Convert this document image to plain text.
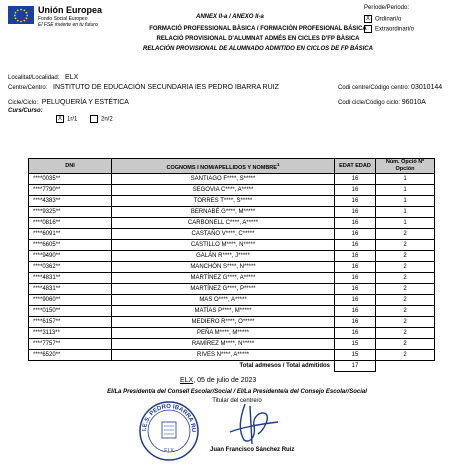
Unión Europea
Fondo Social Europeo
El FSE invierte en tu futuro
ANNEX II-a / ANEXO II-a
FORMACIÓ PROFESSIONAL BÀSICA / FORMACIÓN PROFESIONAL BÁSICA
RELACIÓ PROVISIONAL D'ALUMNAT ADMÉS EN CICLES D'FP BÀSICA
RELACIÓN PROVISIONAL DE ALUMNADO ADMITIDO EN CICLOS DE FP BÁSICA
Període/Periodo:
X Ordinari/o
Extraordinari/o
Localitat/Localidad: ELX
Centre/Centro: INSTITUTO DE EDUCACIÓN SECUNDARIA IES PEDRO IBARRA RUIZ	Codi centre/Código centro: 03010144
Cicle/Ciclo: PELUQUERÍA Y ESTÉTICA	Codi cicle/Código ciclo: 96010A
Curs/Curso:
X 1r/1	2n/2
DNI	COGNOMS I NOM/APELLIDOS Y NOMBRE$^1$	EDAT EDAD	Núm. Opció Nº Opción
****0035**	SANTIAGO F****, S*****	16	1
****7790**	SEGOVIA C****, A*****	16	1
****4383**	TORRES T****, S*****	16	1
****9325**	BERNABÉ G****, M*****	16	1
****0816**	CARBONELL C****, A*****	16	1
****6091**	CASTAÑO V****, C*****	16	2
****6605**	CASTILLO M****, N*****	16	2
****9490**	GALÁN R****, J*****	16	2
****0362**	MANCHÓN S****, N*****	16	2
****4831**	MARTÍNEZ G****, A*****	16	2
****4831**	MARTÍNEZ G****, P*****	16	2
****9060**	MAS O****, A*****	16	2
****0150**	MATÍAS P****, M*****	16	2
****6157**	MEDIERO R****, O*****	16	2
****3113**	PEÑA M****, M*****	16	2
****7757**	RAMÍREZ M****, N*****	15	2
****6520**	RIVES N****, A*****	15	2
Total admesos / Total admitidos		17	
ELX, 05 de julio de 2023
El/La President/a del Consell Escolar/Social / El/La Presidente/a del Consejo Escolar/Social
Titular del centre/o
I.E.S. PEDRO IBARRA RU
ELX	Juan Francisco Sánchez Ruiz
